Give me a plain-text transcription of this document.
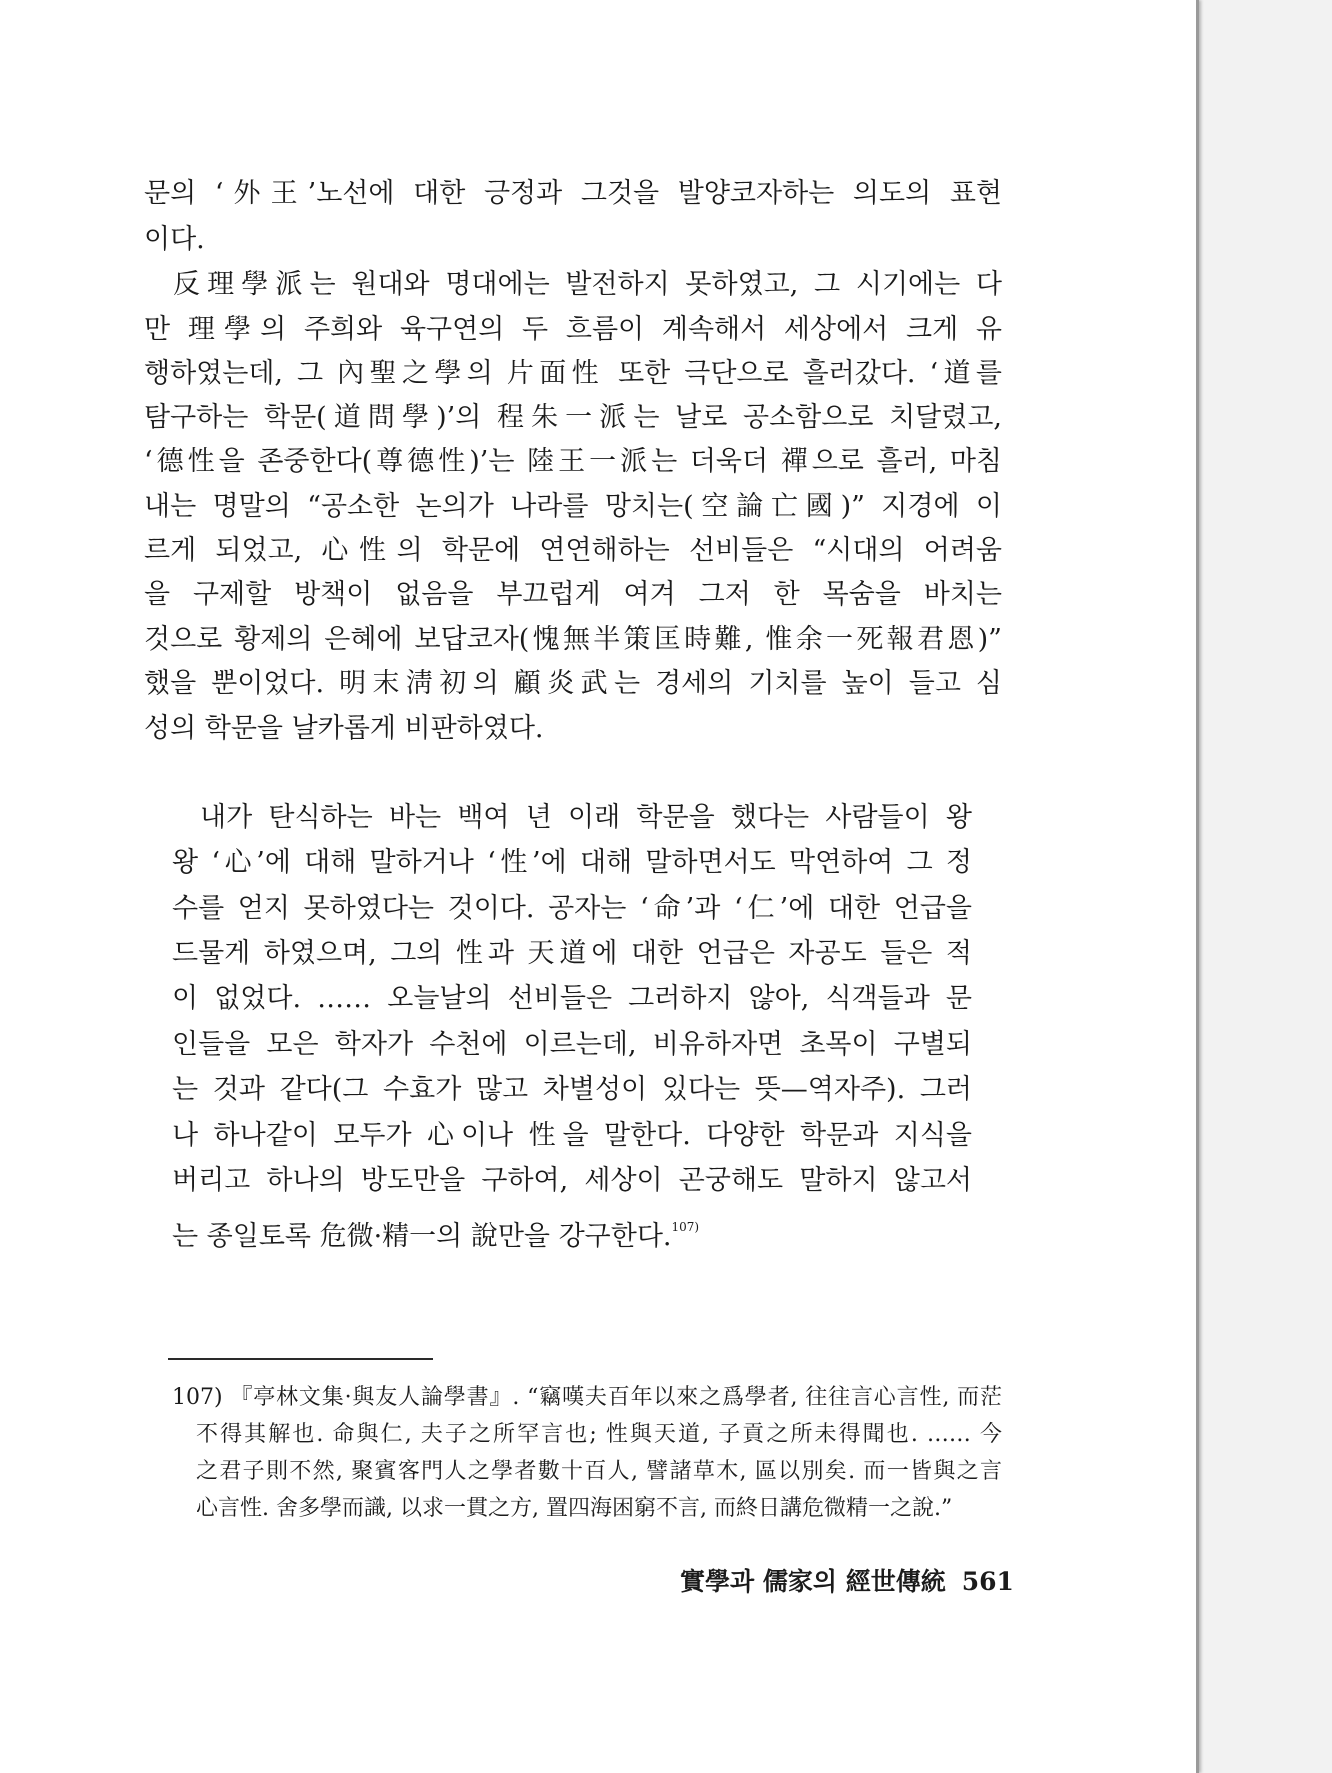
문의 ‘外王’노선에 대한 긍정과 그것을 발양코자하는 의도의 표현
이다.
反理學派는 원대와 명대에는 발전하지 못하였고, 그 시기에는 다
만 理學의 주희와 육구연의 두 흐름이 계속해서 세상에서 크게 유
행하였는데, 그 內聖之學의 片面性 또한 극단으로 흘러갔다. ‘道를
탐구하는 학문(道問學)’의 程朱一派는 날로 공소함으로 치달렸고,
‘德性을 존중한다(尊德性)’는 陸王一派는 더욱더 禪으로 흘러, 마침
내는 명말의 “공소한 논의가 나라를 망치는(空論亡國)” 지경에 이
르게 되었고, 心性의 학문에 연연해하는 선비들은 “시대의 어려움
을 구제할 방책이 없음을 부끄럽게 여겨 그저 한 목숨을 바치는
것으로 황제의 은혜에 보답코자(愧無半策匡時難, 惟余一死報君恩)”
했을 뿐이었다. 明末淸初의 顧炎武는 경세의 기치를 높이 들고 심
성의 학문을 날카롭게 비판하였다.
내가 탄식하는 바는 백여 년 이래 학문을 했다는 사람들이 왕
왕 ‘心’에 대해 말하거나 ‘性’에 대해 말하면서도 막연하여 그 정
수를 얻지 못하였다는 것이다. 공자는 ‘命’과 ‘仁’에 대한 언급을
드물게 하였으며, 그의 性과 天道에 대한 언급은 자공도 들은 적
이 없었다. …… 오늘날의 선비들은 그러하지 않아, 식객들과 문
인들을 모은 학자가 수천에 이르는데, 비유하자면 초목이 구별되
는 것과 같다(그 수효가 많고 차별성이 있다는 뜻—역자주). 그러
나 하나같이 모두가 心이나 性을 말한다. 다양한 학문과 지식을
버리고 하나의 방도만을 구하여, 세상이 곤궁해도 말하지 않고서
는 종일토록 危微·精一의 說만을 강구한다.$^{107)}$
107) 『亭林文集·與友人論學書』. “竊嘆夫百年以來之爲學者, 往往言心言性, 而茫
不得其解也. 命與仁, 夫子之所罕言也; 性與天道, 子貢之所未得聞也. …… 今
之君子則不然, 聚賓客門人之學者數十百人, 譬諸草木, 區以別矣. 而一皆與之言
心言性. 舍多學而識, 以求一貫之方, 置四海困窮不言, 而終日講危微精一之說.”
實學과 儒家의 經世傳統 561
